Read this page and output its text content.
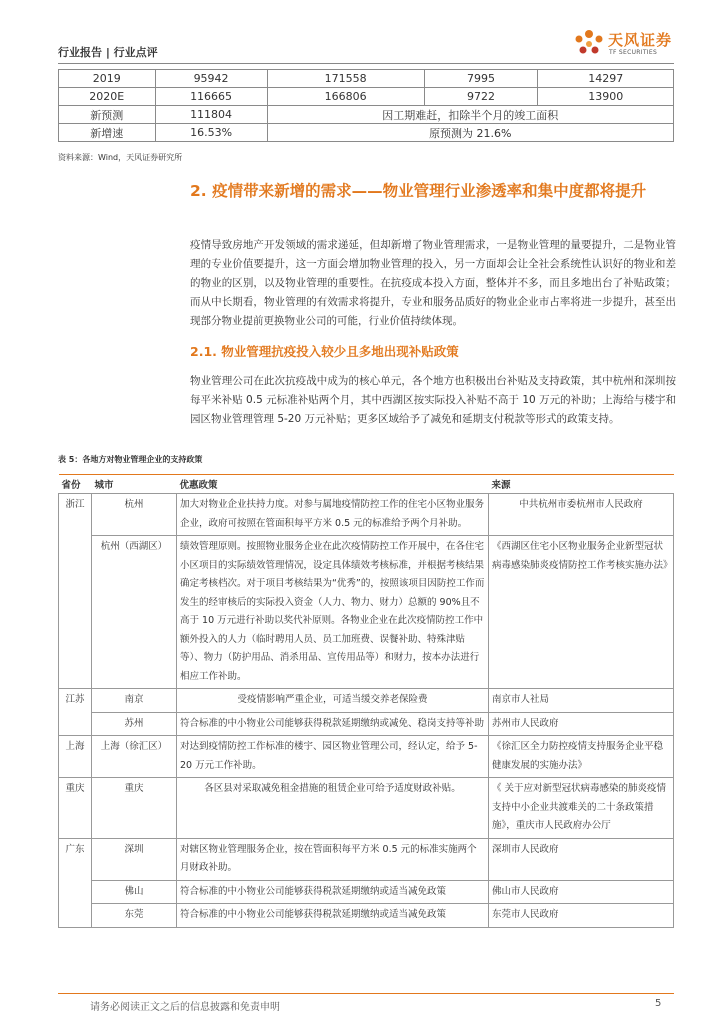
行业报告 | 行业点评
天风证券
TF SECURITIES
2019	95942	171558	7995	14297
2020E	116665	166806	9722	13900
新预测	111804	因工期难赶，扣除半个月的竣工面积		
新增速	16.53%	原预测为 21.6%		
资料来源：Wind，天风证券研究所
2. 疫情带来新增的需求——物业管理行业渗透率和集中度都将提升
疫情导致房地产开发领域的需求递延，但却新增了物业管理需求，一是物业管理的量要提升，二是物业管理的专业价值要提升，这一方面会增加物业管理的投入，另一方面却会让全社会系统性认识好的物业和差的物业的区别，以及物业管理的重要性。在抗疫成本投入方面，整体并不多，而且多地出台了补贴政策；而从中长期看，物业管理的有效需求将提升，专业和服务品质好的物业企业市占率将进一步提升，甚至出现部分物业提前更换物业公司的可能，行业价值持续体现。
2.1. 物业管理抗疫投入较少且多地出现补贴政策
物业管理公司在此次抗疫战中成为的核心单元，各个地方也积极出台补贴及支持政策，其中杭州和深圳按每平米补贴 0.5 元标准补贴两个月，其中西湖区按实际投入补贴不高于 10 万元的补助；上海给与楼宇和园区物业管理管理 5-20 万元补贴；更多区域给予了减免和延期支付税款等形式的政策支持。
表 5：各地方对物业管理企业的支持政策
省份	城市	优惠政策	来源
浙江	杭州	加大对物业企业扶持力度。对参与属地疫情防控工作的住宅小区物业服务企业，政府可按照在管面积每平方米 0.5 元的标准给予两个月补助。	中共杭州市委杭州市人民政府
	杭州（西湖区）	绩效管理原则。按照物业服务企业在此次疫情防控工作开展中，在各住宅小区项目的实际绩效管理情况，设定具体绩效考核标准，并根据考核结果确定考核档次。对于项目考核结果为“优秀”的，按照该项目因防控工作而发生的经审核后的实际投入资金（人力、物力、财力）总额的 90%且不高于 10 万元进行补助以奖代补原则。各物业企业在此次疫情防控工作中额外投入的人力（临时聘用人员、员工加班费、误餐补助、特殊津贴等）、物力（防护用品、消杀用品、宣传用品等）和财力，按本办法进行相应工作补助。	《西湖区住宅小区物业服务企业新型冠状病毒感染肺炎疫情防控工作考核实施办法》
江苏	南京	受疫情影响严重企业，可适当缓交养老保险费	南京市人社局
	苏州	符合标准的中小物业公司能够获得税款延期缴纳或减免、稳岗支持等补助	苏州市人民政府
上海	上海（徐汇区）	对达到疫情防控工作标准的楼宇、园区物业管理公司，经认定，给予 5-20 万元工作补助。	《徐汇区全力防控疫情支持服务企业平稳健康发展的实施办法》
重庆	重庆	各区县对采取减免租金措施的租赁企业可给予适度财政补贴。	《 关于应对新型冠状病毒感染的肺炎疫情支持中小企业共渡难关的二十条政策措施》，重庆市人民政府办公厅
广东	深圳	对辖区物业管理服务企业，按在管面积每平方米 0.5 元的标准实施两个月财政补助。	深圳市人民政府
	佛山	符合标准的中小物业公司能够获得税款延期缴纳或适当减免政策	佛山市人民政府
	东莞	符合标准的中小物业公司能够获得税款延期缴纳或适当减免政策	东莞市人民政府
请务必阅读正文之后的信息披露和免责申明	5
